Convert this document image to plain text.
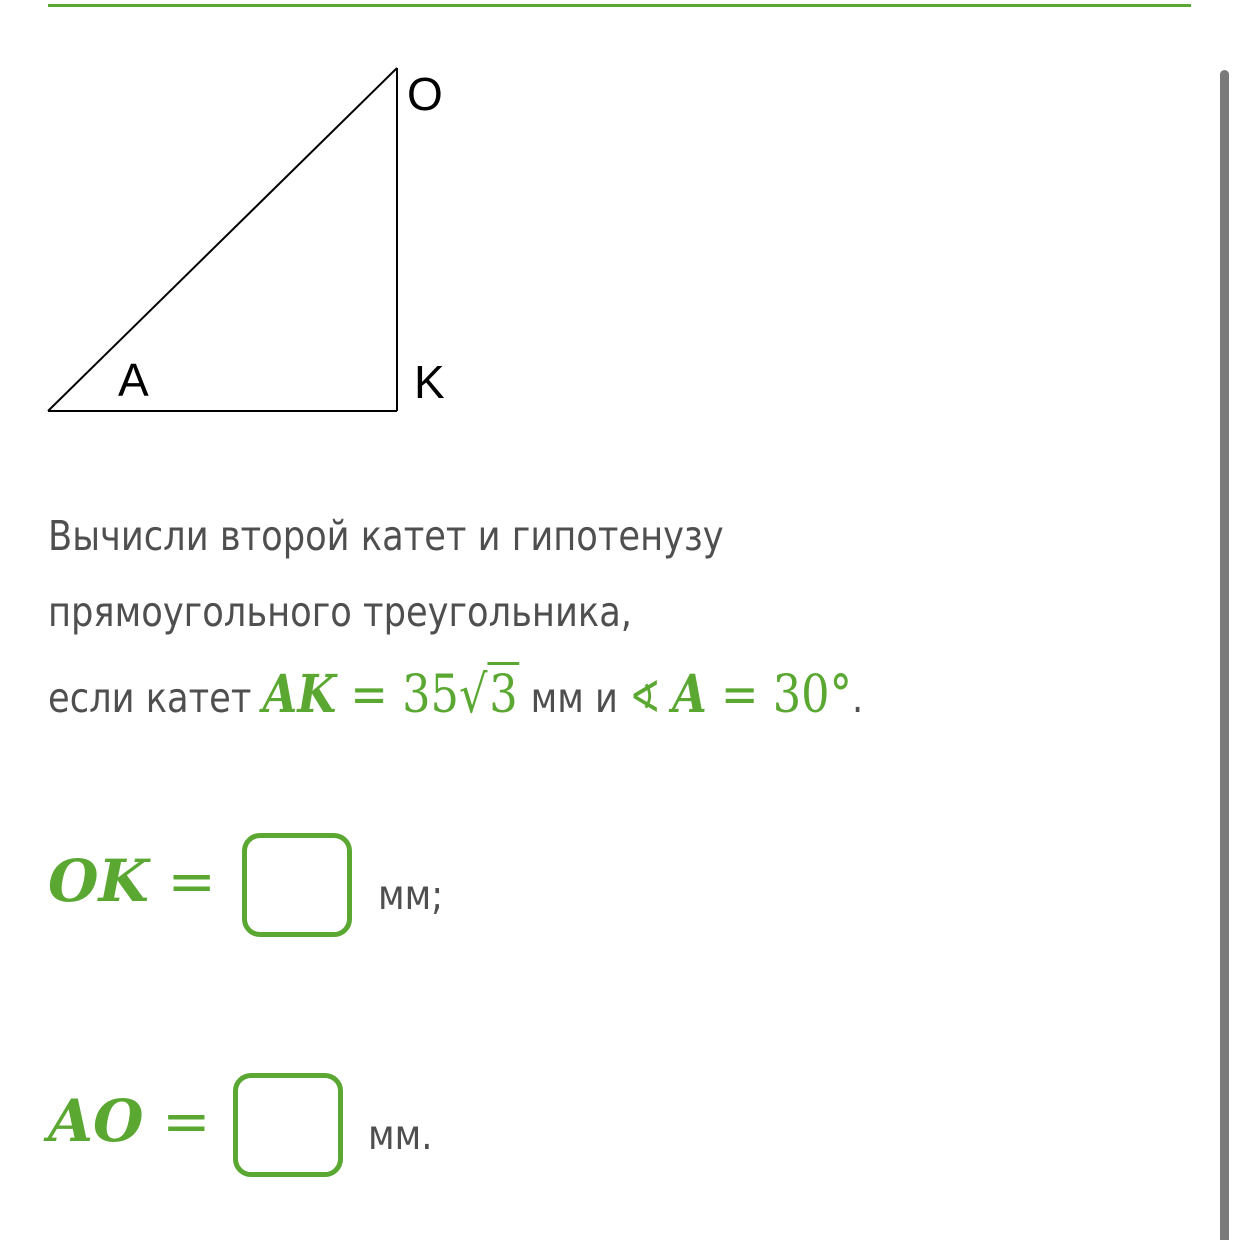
O
A	K
Вычисли второй катет и гипотенузу
прямоугольного треугольника,
если катет AK = 35√3 мм и ∢ A = 30°.
OK =	мм;
AO =	мм.
